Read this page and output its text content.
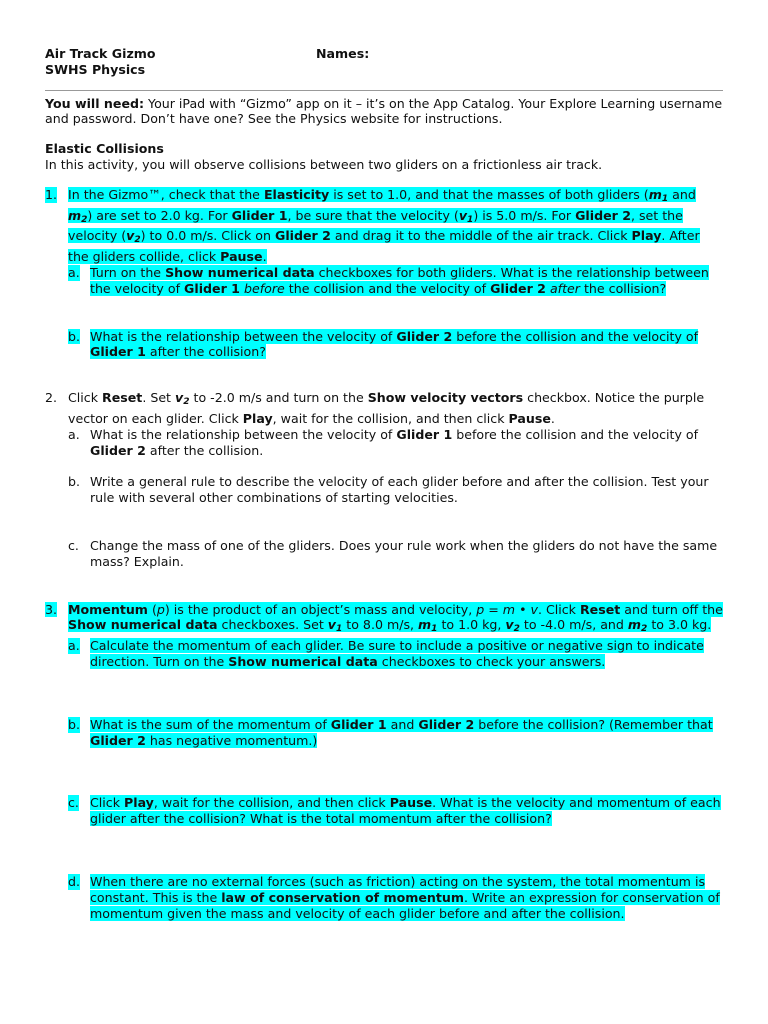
Air Track Gizmo	Names:
SWHS Physics
You will need: Your iPad with “Gizmo” app on it – it’s on the App Catalog. Your Explore Learning username and password. Don’t have one? See the Physics website for instructions.
Elastic Collisions
In this activity, you will observe collisions between two gliders on a frictionless air track.
1. In the Gizmo™, check that the Elasticity is set to 1.0, and that the masses of both gliders ($m_1$ and $m_2$) are set to 2.0 kg. For Glider 1, be sure that the velocity $(v_1)$ is 5.0 m/s. For Glider 2, set the velocity $(v_2)$ to 0.0 m/s. Click on Glider 2 and drag it to the middle of the air track. Click Play. After the gliders collide, click Pause.
a. Turn on the Show numerical data checkboxes for both gliders. What is the relationship between the velocity of Glider 1 before the collision and the velocity of Glider 2 after the collision?
b. What is the relationship between the velocity of Glider 2 before the collision and the velocity of Glider 1 after the collision?
2. Click Reset. Set $v_2$ to -2.0 m/s and turn on the Show velocity vectors checkbox. Notice the purple vector on each glider. Click Play, wait for the collision, and then click Pause.
a. What is the relationship between the velocity of Glider 1 before the collision and the velocity of Glider 2 after the collision.
b. Write a general rule to describe the velocity of each glider before and after the collision. Test your rule with several other combinations of starting velocities.
c. Change the mass of one of the gliders. Does your rule work when the gliders do not have the same mass? Explain.
3. Momentum (p) is the product of an object’s mass and velocity, p = m • v. Click Reset and turn off the Show numerical data checkboxes. Set $v_1$ to 8.0 m/s, $m_1$ to 1.0 kg, $v_2$ to -4.0 m/s, and $m_2$ to 3.0 kg.
a. Calculate the momentum of each glider. Be sure to include a positive or negative sign to indicate direction. Turn on the Show numerical data checkboxes to check your answers.
b. What is the sum of the momentum of Glider 1 and Glider 2 before the collision? (Remember that Glider 2 has negative momentum.)
c. Click Play, wait for the collision, and then click Pause. What is the velocity and momentum of each glider after the collision? What is the total momentum after the collision?
d. When there are no external forces (such as friction) acting on the system, the total momentum is constant. This is the law of conservation of momentum. Write an expression for conservation of momentum given the mass and velocity of each glider before and after the collision.
